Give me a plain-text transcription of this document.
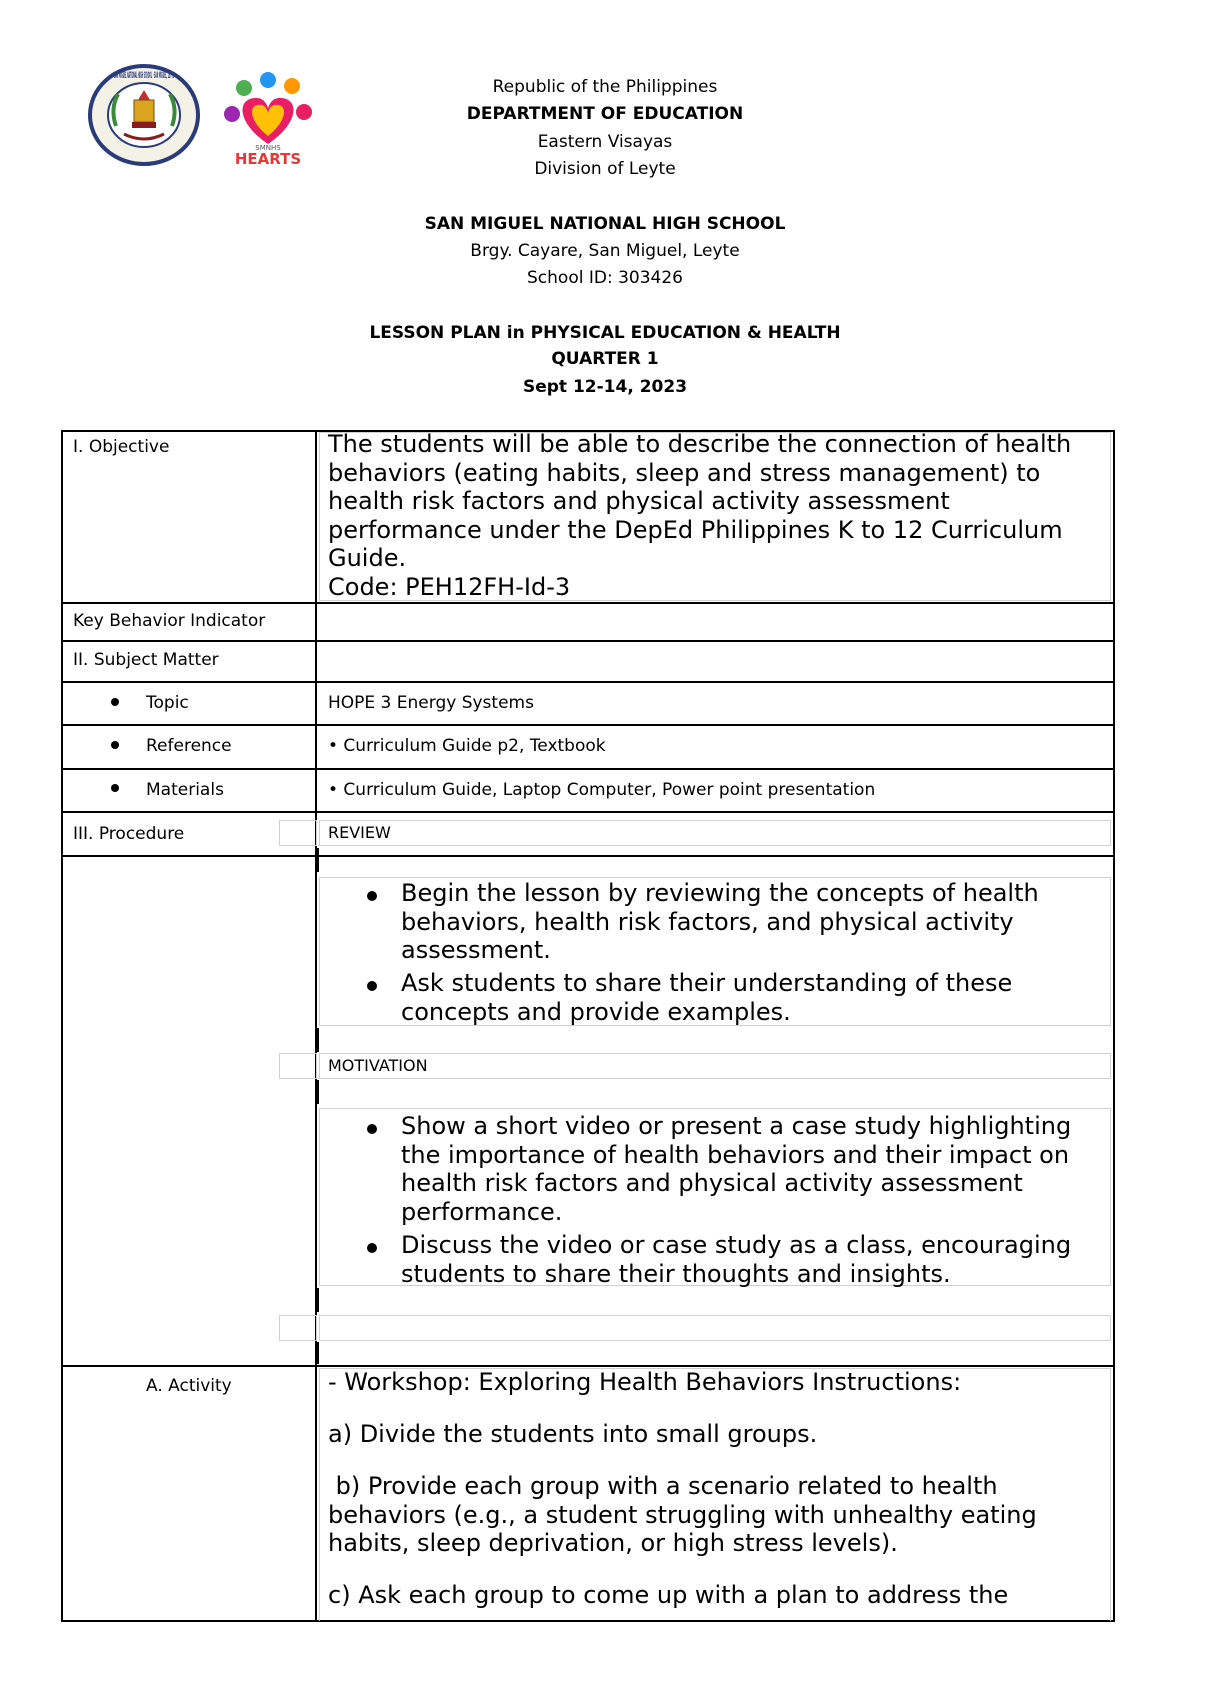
SAN MIGUEL NATIONAL HIGH SCHOOL · SAN MIGUEL, LEYTE
SMNHS
HEARTS
Republic of the Philippines
DEPARTMENT OF EDUCATION
Eastern Visayas
Division of Leyte
SAN MIGUEL NATIONAL HIGH SCHOOL
Brgy. Cayare, San Miguel, Leyte
School ID: 303426
LESSON PLAN in PHYSICAL EDUCATION & HEALTH
QUARTER 1
Sept 12-14, 2023
I. Objective	The students will be able to describe the connection of health
behaviors (eating habits, sleep and stress management) to
health risk factors and physical activity assessment
performance under the DepEd Philippines K to 12 Curriculum
Guide.
Code: PEH12FH-Id-3
Key Behavior Indicator
II. Subject Matter
Topic	HOPE 3 Energy Systems
Reference	• Curriculum Guide p2, Textbook
Materials	• Curriculum Guide, Laptop Computer, Power point presentation
III. Procedure	REVIEW
Begin the lesson by reviewing the concepts of health
behaviors, health risk factors, and physical activity
assessment.
Ask students to share their understanding of these
concepts and provide examples.
MOTIVATION
Show a short video or present a case study highlighting
the importance of health behaviors and their impact on
health risk factors and physical activity assessment
performance.
Discuss the video or case study as a class, encouraging
students to share their thoughts and insights.
A. Activity	- Workshop: Exploring Health Behaviors Instructions:
a) Divide the students into small groups.
b) Provide each group with a scenario related to health
behaviors (e.g., a student struggling with unhealthy eating
habits, sleep deprivation, or high stress levels).
c) Ask each group to come up with a plan to address the
